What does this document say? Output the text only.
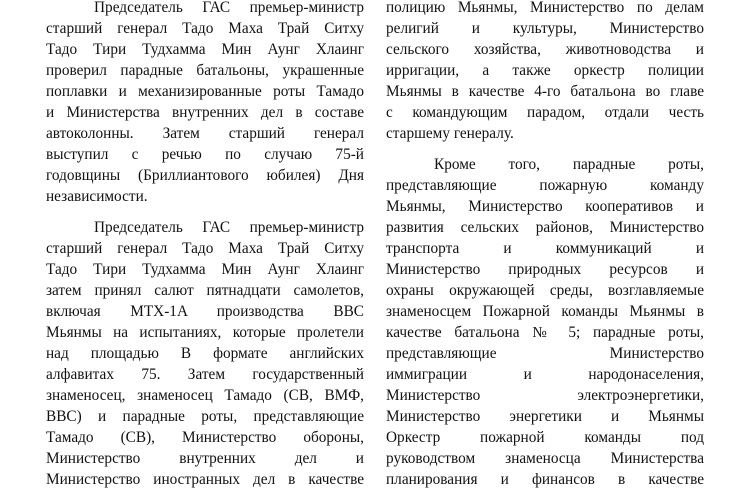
Председатель ГАС премьер-министр
старший генерал Тадо Маха Трай Ситху
Тадо Тири Тудхамма Мин Аунг Хлаинг
проверил парадные батальоны, украшенные
поплавки и механизированные роты Тамадо
и Министерства внутренних дел в составе
автоколонны. Затем старший генерал
выступил с речью по случаю 75-й
годовщины (Бриллиантового юбилея) Дня
независимости.
Председатель ГАС премьер-министр
старший генерал Тадо Маха Трай Ситху
Тадо Тири Тудхамма Мин Аунг Хлаинг
затем принял салют пятнадцати самолетов,
включая MTX-1A производства BBC
Мьянмы на испытаниях, которые пролетели
над площадью В формате английских
алфавитах 75. Затем государственный
знаменосец, знаменосец Тамадо (СВ, ВМФ,
ВВС) и парадные роты, представляющие
Тамадо (СВ), Министерство обороны,
Министерство внутренних дел и
Министерство иностранных дел в качестве
полицию Мьянмы, Министерство по делам
религий и культуры, Министерство
сельского хозяйства, животноводства и
ирригации, а также оркестр полиции
Мьянмы в качестве 4-го батальона во главе
с командующим парадом, отдали честь
старшему генералу.
Кроме того, парадные роты,
представляющие пожарную команду
Мьянмы, Министерство кооперативов и
развития сельских районов, Министерство
транспорта и коммуникаций и
Министерство природных ресурсов и
охраны окружающей среды, возглавляемые
знаменосцем Пожарной команды Мьянмы в
качестве батальона № 5; парадные роты,
представляющие Министерство
иммиграции и народонаселения,
Министерство электроэнергетики,
Министерство энергетики и Мьянмы
Оркестр пожарной команды под
руководством знаменосца Министерства
планирования и финансов в качестве
